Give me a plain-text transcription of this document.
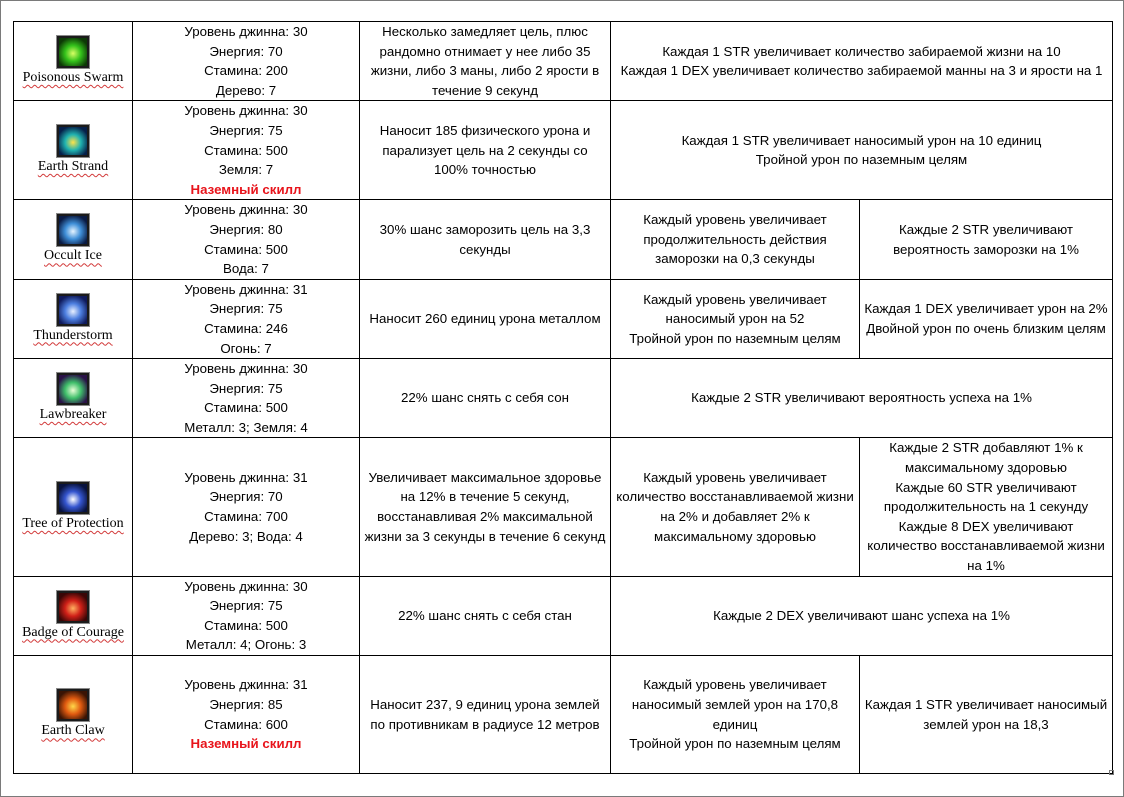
Poisonous Swarm	Уровень джинна: 30
Энергия: 70
Стамина: 200
Дерево: 7	Несколько замедляет цель, плюс рандомно отнимает у нее либо 35 жизни, либо 3 маны, либо 2 ярости в течение 9 секунд	Каждая 1 STR увеличивает количество забираемой жизни на 10
Каждая 1 DEX увеличивает количество забираемой манны на 3 и ярости на 1	

Earth Strand	Уровень джинна: 30
Энергия: 75
Стамина: 500
Земля: 7
Наземный скилл	Наносит 185 физического урона и парализует цель на 2 секунды со 100% точностью	Каждая 1 STR увеличивает наносимый урон на 10 единиц
Тройной урон по наземным целям	

Occult Ice	Уровень джинна: 30
Энергия: 80
Стамина: 500
Вода: 7	30% шанс заморозить цель на 3,3 секунды	Каждый уровень увеличивает продолжительность действия заморозки на 0,3 секунды	Каждые 2 STR увеличивают вероятность заморозки на 1%

Thunderstorm	Уровень джинна: 31
Энергия: 75
Стамина: 246
Огонь: 7	Наносит 260 единиц урона металлом	Каждый уровень увеличивает наносимый урон на 52
Тройной урон по наземным целям	Каждая 1 DEX увеличивает урон на 2%
Двойной урон по очень близким целям

Lawbreaker	Уровень джинна: 30
Энергия: 75
Стамина: 500
Металл: 3; Земля: 4	22% шанс снять с себя сон	Каждые 2 STR увеличивают вероятность успеха на 1%	

Tree of Protection	Уровень джинна: 31
Энергия: 70
Стамина: 700
Дерево: 3; Вода: 4	Увеличивает максимальное здоровье на 12% в течение 5 секунд, восстанавливая 2% максимальной жизни за 3 секунды в течение 6 секунд	Каждый уровень увеличивает количество восстанавливаемой жизни на 2% и добавляет 2% к максимальному здоровью	Каждые 2 STR добавляют 1% к максимальному здоровью
Каждые 60 STR увеличивают продолжительность на 1 секунду
Каждые 8 DEX увеличивают количество восстанавливаемой жизни на 1%

Badge of Courage	Уровень джинна: 30
Энергия: 75
Стамина: 500
Металл: 4; Огонь: 3	22% шанс снять с себя стан	Каждые 2 DEX увеличивают шанс успеха на 1%	

Earth Claw	Уровень джинна: 31
Энергия: 85
Стамина: 600
Наземный скилл	Наносит 237, 9 единиц урона землей по противникам в радиусе 12 метров	Каждый уровень увеличивает наносимый землей урон на 170,8 единиц
Тройной урон по наземным целям	Каждая 1 STR увеличивает наносимый землей урон на 18,3
